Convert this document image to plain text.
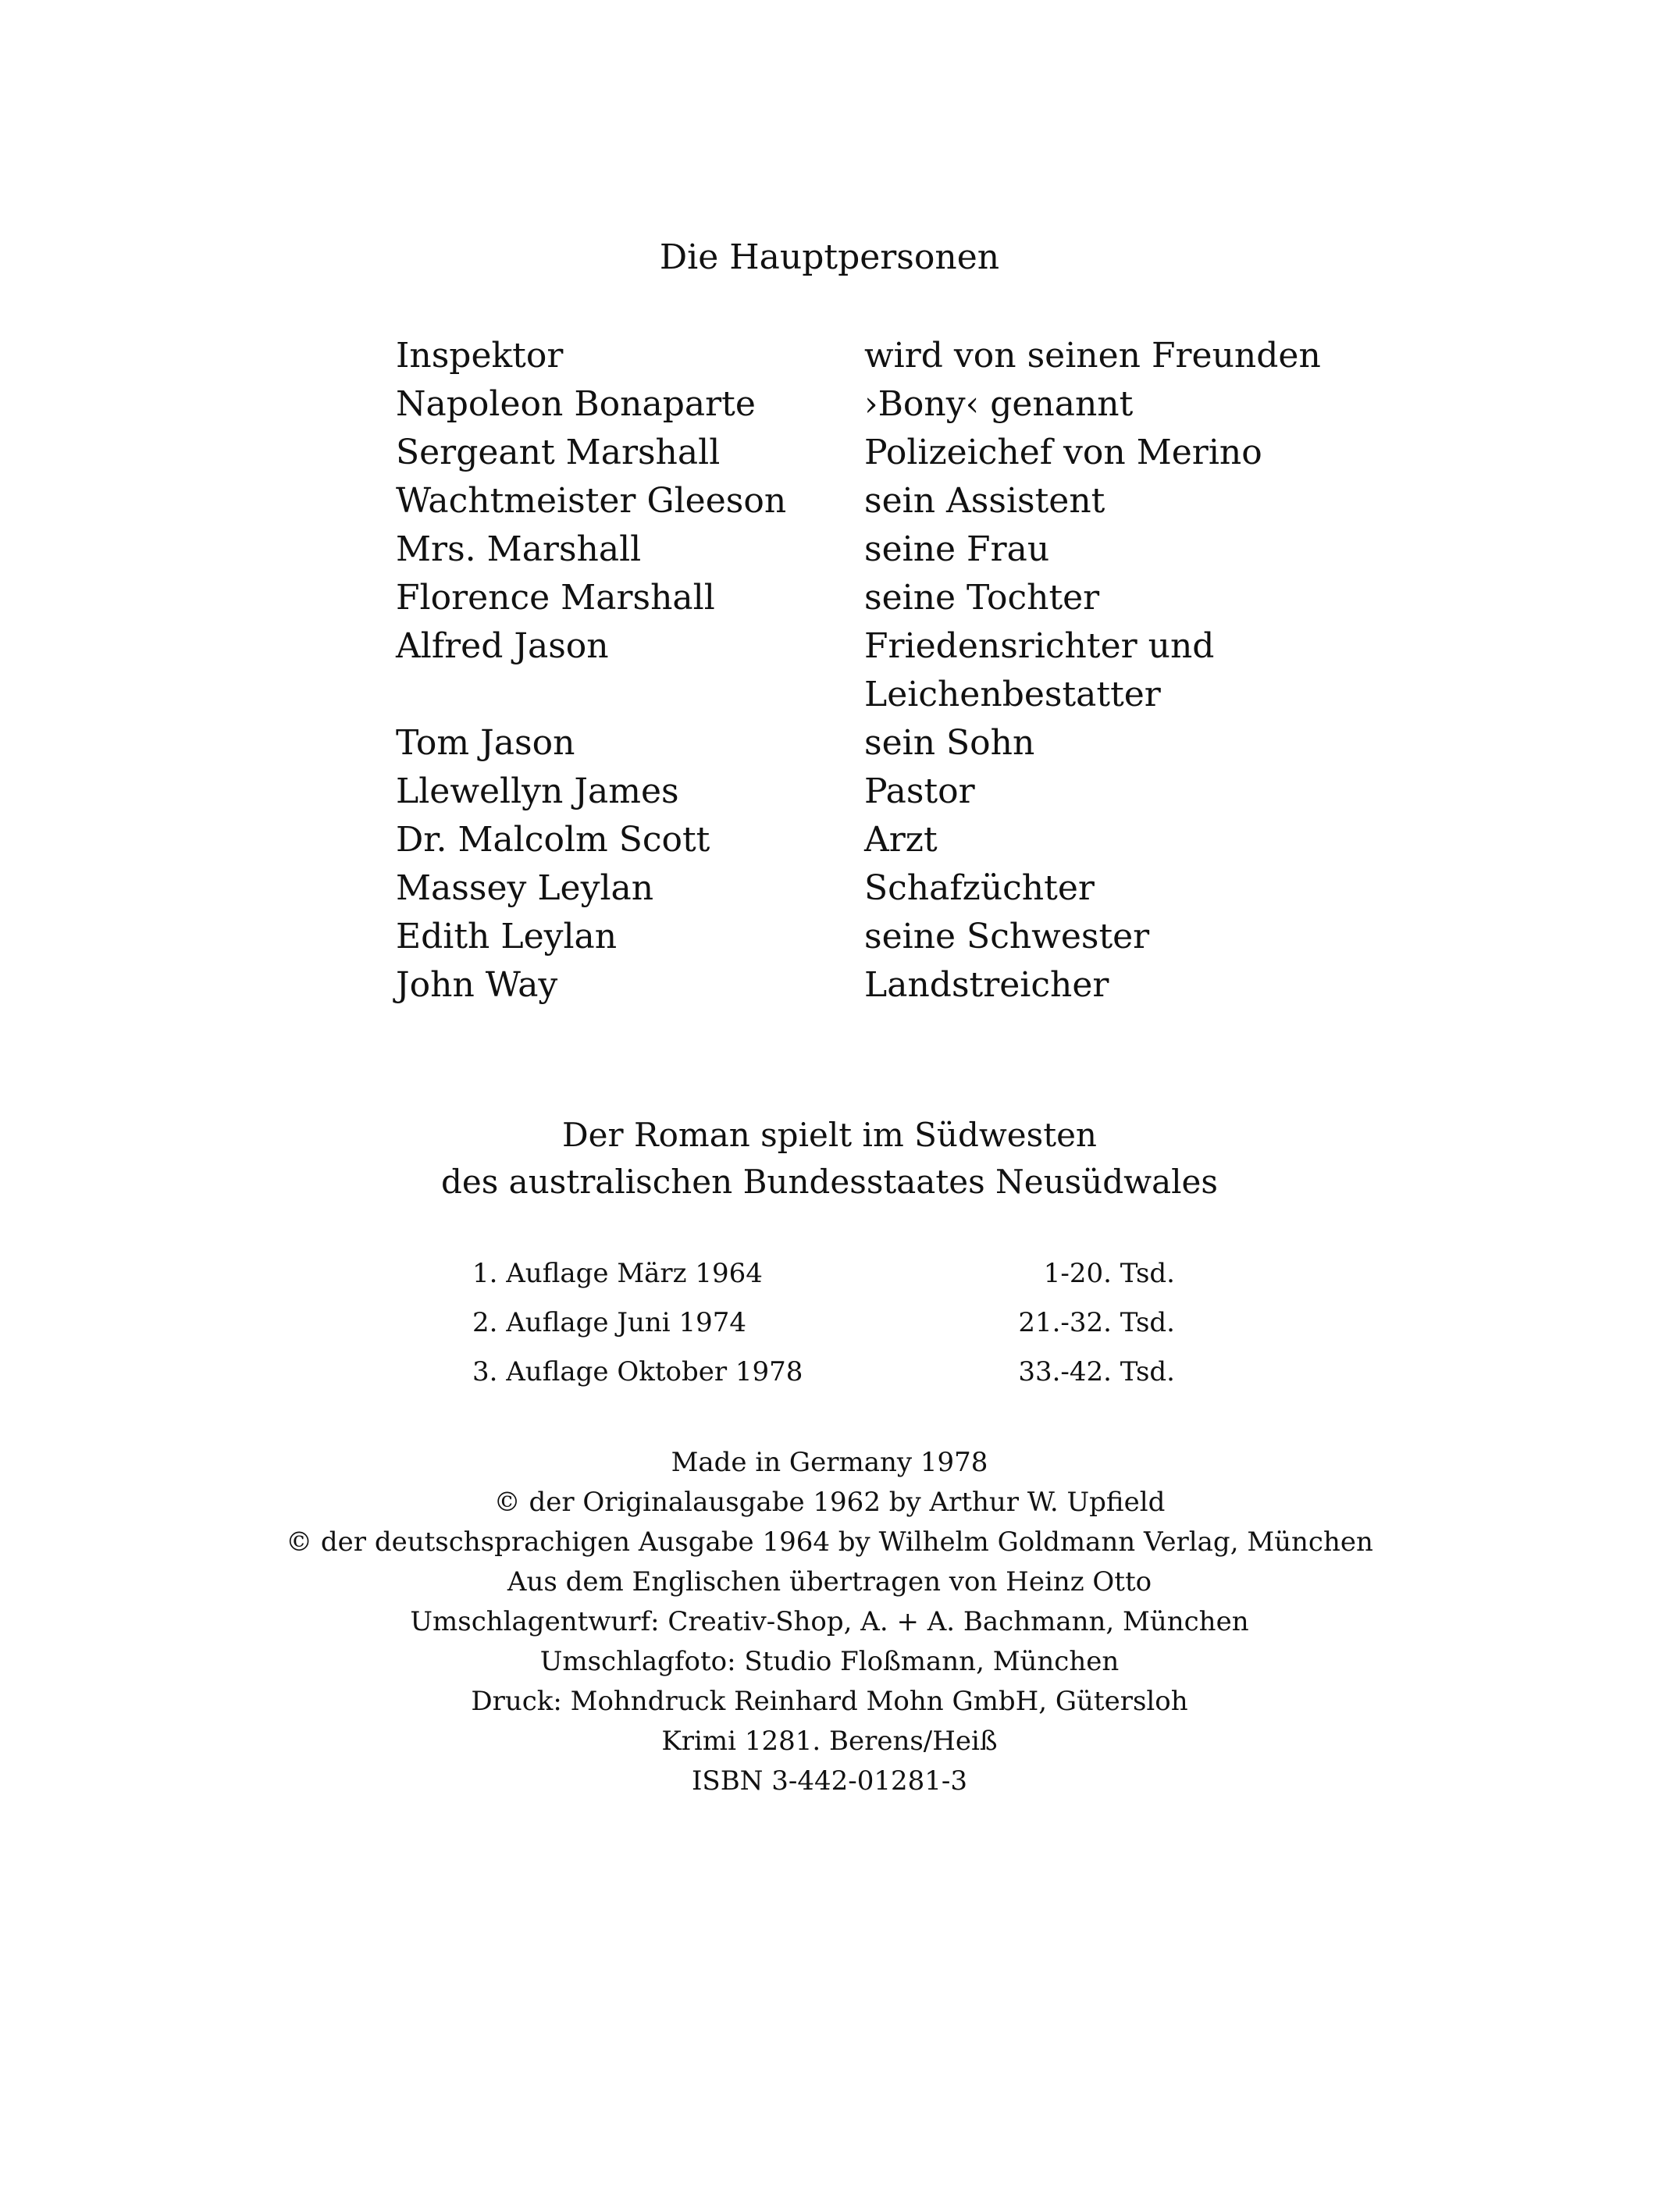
Die Hauptpersonen
Inspektor	wird von seinen Freunden
Napoleon Bonaparte	›Bony‹ genannt
Sergeant Marshall	Polizeichef von Merino
Wachtmeister Gleeson	sein Assistent
Mrs. Marshall	seine Frau
Florence Marshall	seine Tochter
Alfred Jason	Friedensrichter und
Leichenbestatter
Tom Jason	sein Sohn
Llewellyn James	Pastor
Dr. Malcolm Scott	Arzt
Massey Leylan	Schafzüchter
Edith Leylan	seine Schwester
John Way	Landstreicher
Der Roman spielt im Südwesten
des australischen Bundesstaates Neusüdwales
1. Auflage März 1964	1-20. Tsd.
2. Auflage Juni 1974	21.-32. Tsd.
3. Auflage Oktober 1978	33.-42. Tsd.
Made in Germany 1978
© der Originalausgabe 1962 by Arthur W. Upfield
© der deutschsprachigen Ausgabe 1964 by Wilhelm Goldmann Verlag, München
Aus dem Englischen übertragen von Heinz Otto
Umschlagentwurf: Creativ-Shop, A. + A. Bachmann, München
Umschlagfoto: Studio Floßmann, München
Druck: Mohndruck Reinhard Mohn GmbH, Gütersloh
Krimi 1281. Berens/Heiß
ISBN 3-442-01281-3
